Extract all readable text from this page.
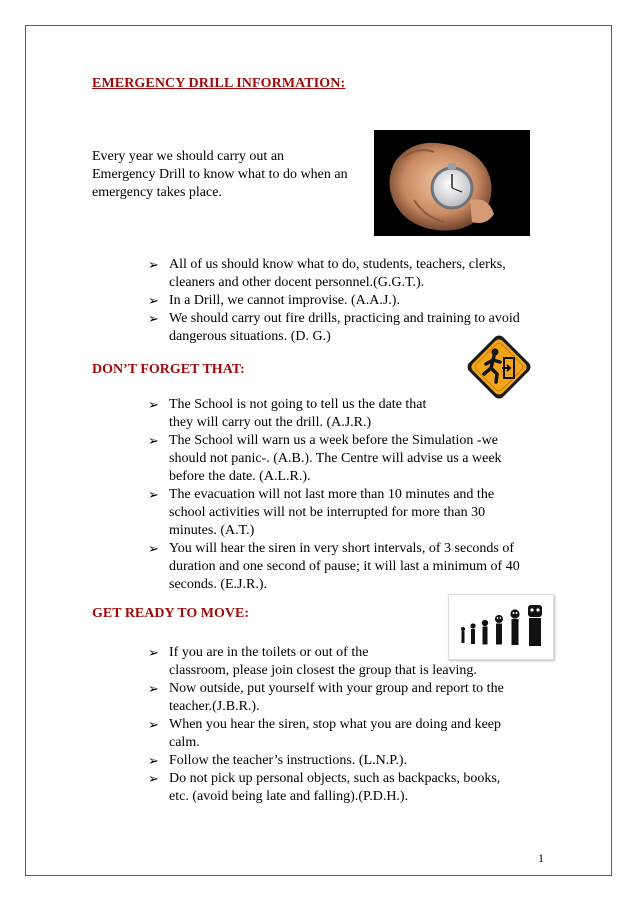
EMERGENCY DRILL INFORMATION:
Every year we should carry out an
Emergency Drill to know what to do when an
emergency takes place.
➢ All of us should know what to do, students, teachers, clerks,
cleaners and other docent personnel.(G.G.T.).
➢ In a Drill, we cannot improvise. (A.A.J.).
➢ We should carry out fire drills, practicing and training to avoid
dangerous situations. (D. G.)
DON’T FORGET THAT:
➢ The School is not going to tell us the date that
they will carry out the drill. (A.J.R.)
➢ The School will warn us a week before the Simulation -we
should not panic-. (A.B.). The Centre will advise us a week
before the date. (A.L.R.).
➢ The evacuation will not last more than 10 minutes and the
school activities will not be interrupted for more than 30
minutes. (A.T.)
➢ You will hear the siren in very short intervals, of 3 seconds of
duration and one second of pause; it will last a minimum of 40
seconds. (E.J.R.).
GET READY TO MOVE:
➢ If you are in the toilets or out of the
classroom, please join closest the group that is leaving.
➢ Now outside, put yourself with your group and report to the
teacher.(J.B.R.).
➢ When you hear the siren, stop what you are doing and keep
calm.
➢ Follow the teacher’s instructions. (L.N.P.).
➢ Do not pick up personal objects, such as backpacks, books,
etc. (avoid being late and falling).(P.D.H.).
1
